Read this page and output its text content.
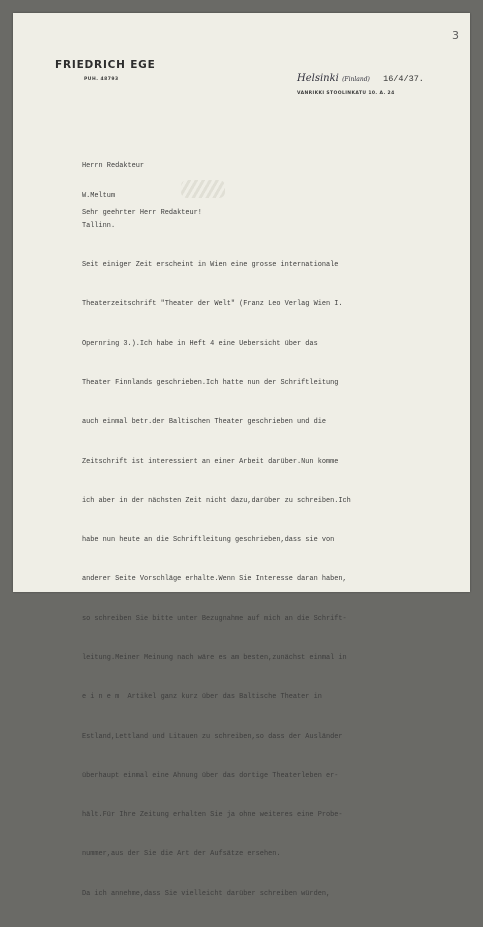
3
FRIEDRICH EGE
PUH. 48793	Helsinki (Finland) 16/4/37.
VANRIKKI STOOLINKATU 10. A. 24

Herrn Redakteur

W.Meltum

Tallinn.

Sehr geehrter Herr Redakteur!

Seit einiger Zeit erscheint in Wien eine grosse internationale

Theaterzeitschrift "Theater der Welt" (Franz Leo Verlag Wien I.

Opernring 3.).Ich habe in Heft 4 eine Uebersicht über das

Theater Finnlands geschrieben.Ich hatte nun der Schriftleitung

auch einmal betr.der Baltischen Theater geschrieben und die

Zeitschrift ist interessiert an einer Arbeit darüber.Nun komme

ich aber in der nächsten Zeit nicht dazu,darüber zu schreiben.Ich

habe nun heute an die Schriftleitung geschrieben,dass sie von

anderer Seite Vorschläge erhalte.Wenn Sie Interesse daran haben,

so schreiben Sie bitte unter Bezugnahme auf mich an die Schrift-

leitung.Meiner Meinung nach wäre es am besten,zunächst einmal in

e i n e m  Artikel ganz kurz über das Baltische Theater in

Estland,Lettland und Litauen zu schreiben,so dass der Ausländer

überhaupt einmal eine Ahnung über das dortige Theaterleben er-

hält.Für Ihre Zeitung erhalten Sie ja ohne weiteres eine Probe-

nummer,aus der Sie die Art der Aufsätze ersehen.

Da ich annehme,dass Sie vielleicht darüber schreiben würden,
